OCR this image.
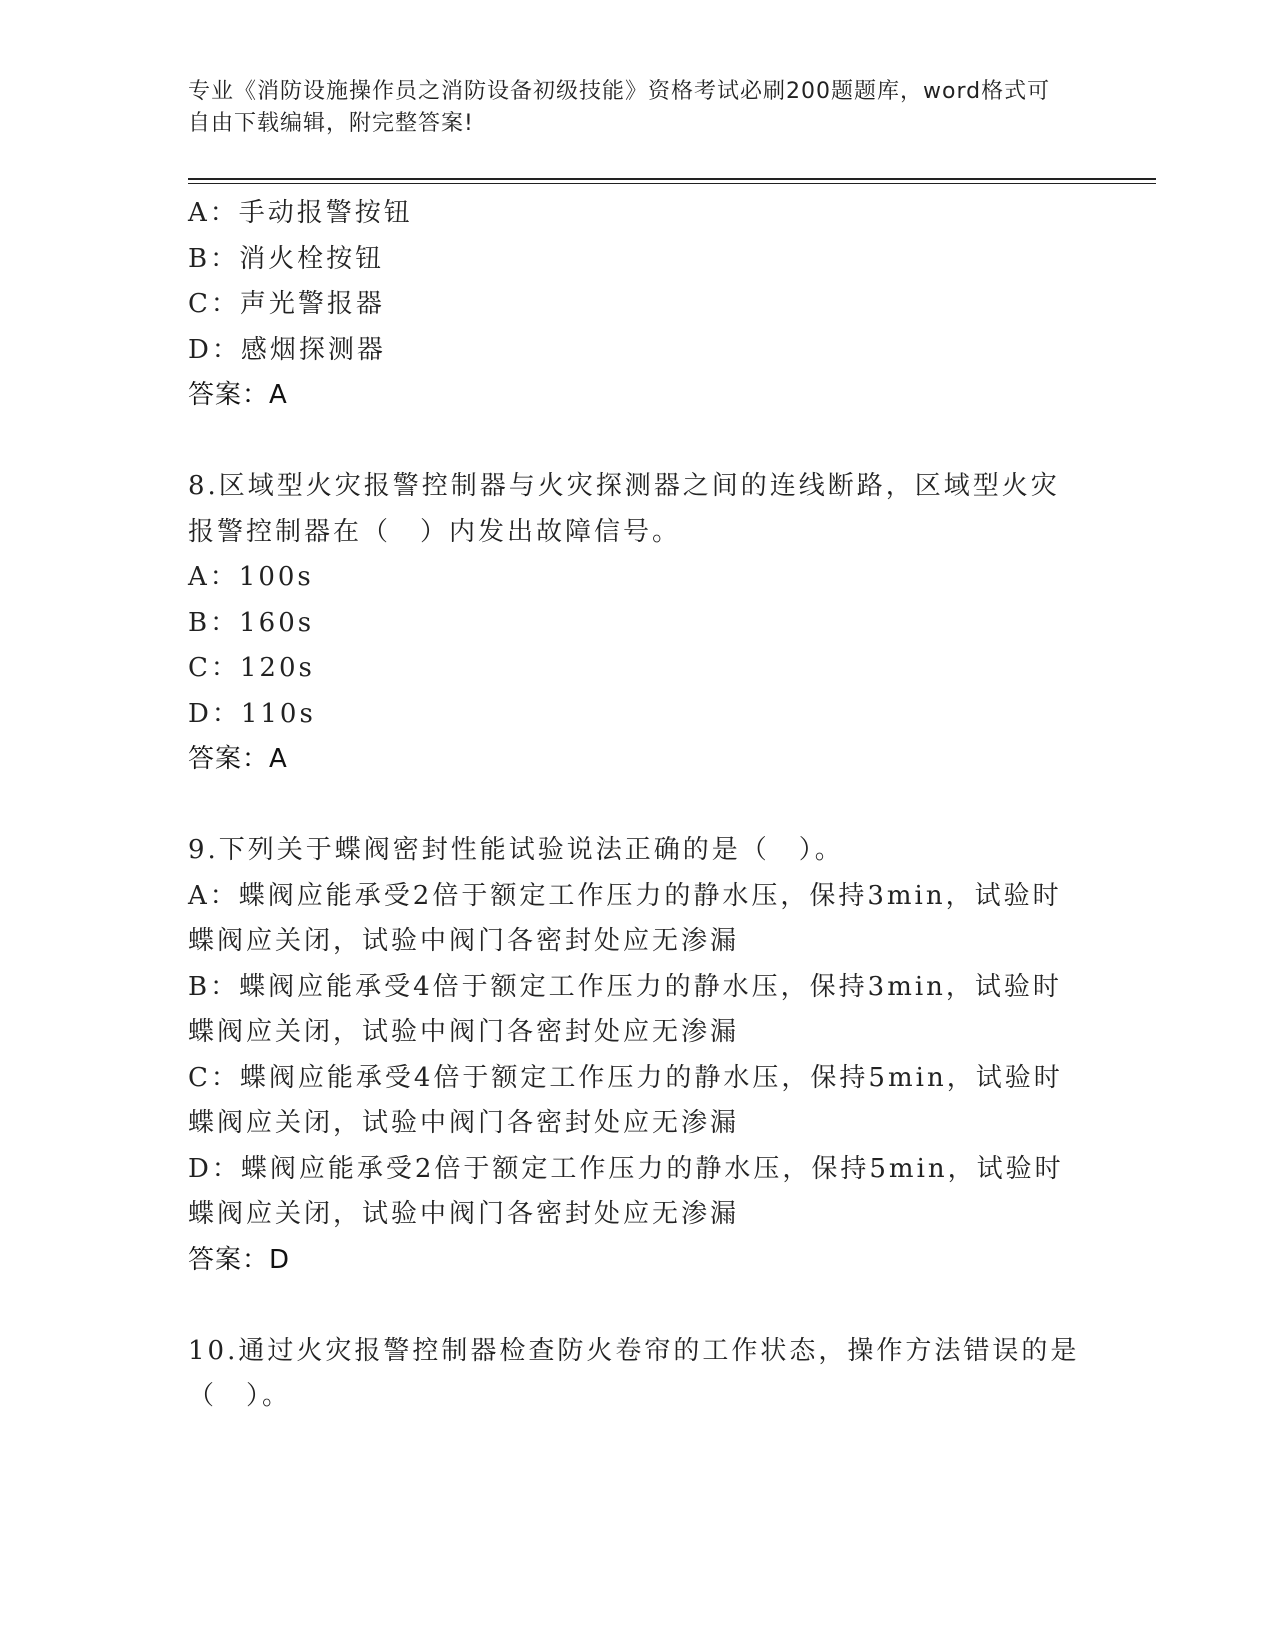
专业《消防设施操作员之消防设备初级技能》资格考试必刷200题题库，word格式可自由下载编辑，附完整答案!
A：手动报警按钮
B：消火栓按钮
C：声光警报器
D：感烟探测器
答案：A
8.区域型火灾报警控制器与火灾探测器之间的连线断路，区域型火灾报警控制器在（　）内发出故障信号。
A：100s
B：160s
C：120s
D：110s
答案：A
9.下列关于蝶阀密封性能试验说法正确的是（　）。
A：蝶阀应能承受2倍于额定工作压力的静水压，保持3min，试验时蝶阀应关闭，试验中阀门各密封处应无渗漏
B：蝶阀应能承受4倍于额定工作压力的静水压，保持3min，试验时蝶阀应关闭，试验中阀门各密封处应无渗漏
C：蝶阀应能承受4倍于额定工作压力的静水压，保持5min，试验时蝶阀应关闭，试验中阀门各密封处应无渗漏
D：蝶阀应能承受2倍于额定工作压力的静水压，保持5min，试验时蝶阀应关闭，试验中阀门各密封处应无渗漏
答案：D
10.通过火灾报警控制器检查防火卷帘的工作状态，操作方法错误的是（　）。
